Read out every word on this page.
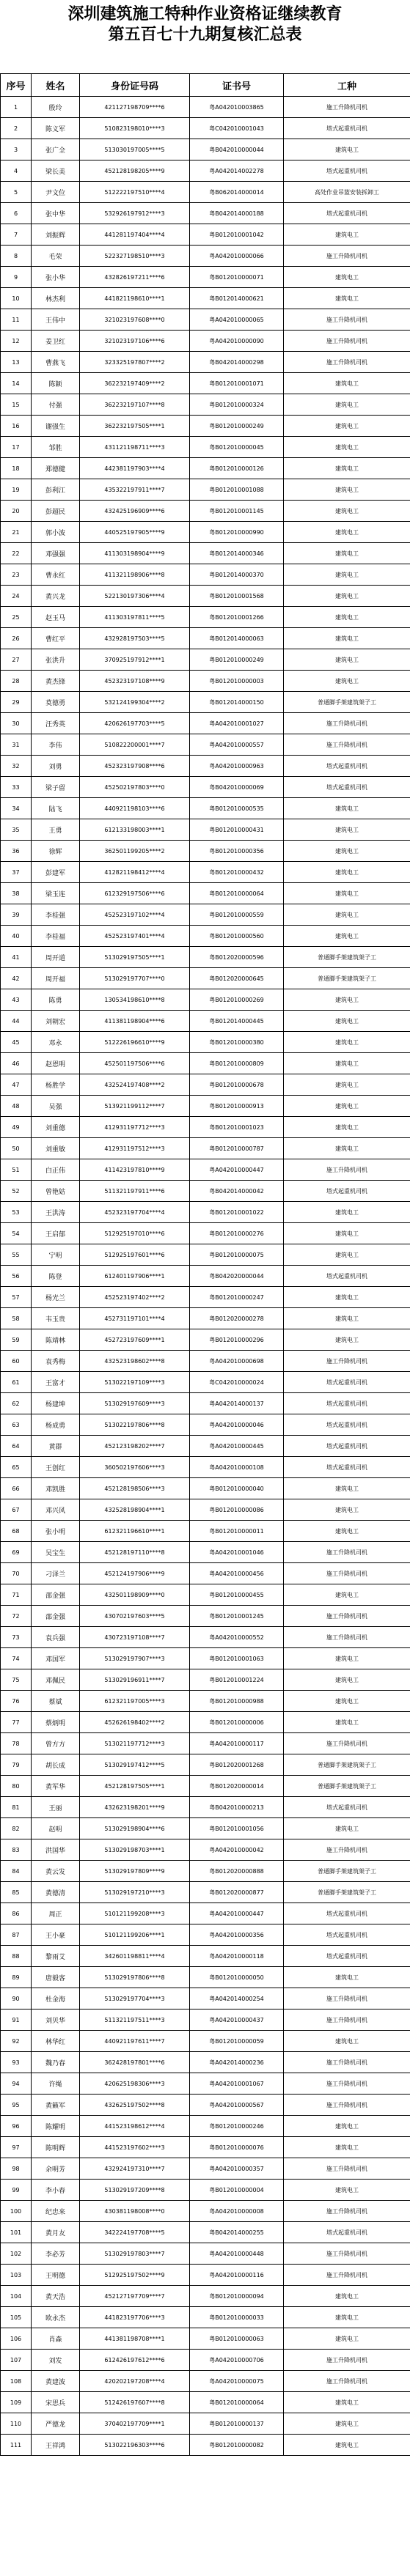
深圳建筑施工特种作业资格证继续教育
第五百七十九期复核汇总表
序号	姓名	身份证号码	证书号	工种
1	殷玲	421127198709****6	粤A042010003865	施工升降机司机
2	陈义军	510823198010****3	粤C042010001043	塔式起重机司机
3	张广全	513030197005****5	粤B042010000044	建筑电工
4	梁长美	452128198205****9	粤A042014002278	塔式起重机司机
5	尹文位	512222197510****4	粤B062014000014	高处作业吊篮安装拆卸工
6	张中华	532926197912****3	粤B042014000188	塔式起重机司机
7	刘振辉	441281197404****4	粤B012010001042	建筑电工
8	毛荣	522327198510****3	粤A042010000066	施工升降机司机
9	张小华	432826197211****6	粤B012010000071	建筑电工
10	林杰利	441821198610****1	粤B012014000621	建筑电工
11	王伟中	321023197608****0	粤A042010000065	施工升降机司机
12	姜卫红	321023197106****6	粤A042010000090	施工升降机司机
13	曹燕飞	323325197807****2	粤B042014000298	施工升降机司机
14	陈颖	362232197409****2	粤B012010001071	建筑电工
15	付强	362232197107****8	粤B012010000324	建筑电工
16	谢强生	362232197505****1	粤B012010000249	建筑电工
17	邹胜	431121198711****3	粤B012010000045	建筑电工
18	郑德健	442381197903****4	粤B012010000126	建筑电工
19	彭利江	435322197911****7	粤B012010001088	建筑电工
20	彭超民	432425196909****6	粤B012010001145	建筑电工
21	郭小波	440525197905****9	粤B012010000990	建筑电工
22	邓强强	411303198904****9	粤B012014000346	建筑电工
23	曹永红	411321198906****8	粤B012014000370	建筑电工
24	黄兴龙	522130197306****4	粤B012010001568	建筑电工
25	赵玉马	411303197811****5	粤B012010001266	建筑电工
26	曹红平	432928197503****5	粤B012014000063	建筑电工
27	张洪升	370925197912****1	粤B012010000249	建筑电工
28	黄杰锋	452323197108****9	粤B012010000003	建筑电工
29	莫德勇	532124199304****2	粤B012014000150	普通脚手架建筑架子工
30	汪秀英	420626197703****5	粤A042010001027	施工升降机司机
31	李伟	510822200001****7	粤A042010000557	施工升降机司机
32	刘勇	452323197908****6	粤A042010000963	塔式起重机司机
33	梁子留	452502197803****0	粤B042010000069	塔式起重机司机
34	陆飞	440921198103****6	粤B012010000535	建筑电工
35	王勇	612133198003****1	粤B012010000431	建筑电工
36	徐辉	362501199205****2	粤B012010000356	建筑电工
37	彭建军	412821198412****4	粤B012010000432	建筑电工
38	梁玉连	612329197506****6	粤B012010000064	建筑电工
39	李桂强	452523197102****4	粤B012010000559	建筑电工
40	李桂福	452523197401****4	粤B012010000560	建筑电工
41	周开道	513029197505****1	粤B012020000596	普通脚手架建筑架子工
42	周开福	513029197707****0	粤B012020000645	普通脚手架建筑架子工
43	陈勇	130534198610****8	粤B012010000269	建筑电工
44	刘朝宏	411381198904****6	粤B012014000445	建筑电工
45	邓永	512226196610****9	粤B012010000380	建筑电工
46	赵恩明	452501197506****6	粤B012010000809	建筑电工
47	杨胜学	432524197408****2	粤B012010000678	建筑电工
48	吴强	513921199112****7	粤B012010000913	建筑电工
49	刘重德	412931197712****3	粤B012010001023	建筑电工
50	刘重敏	412931197512****3	粤B012010000787	建筑电工
51	白正伟	411423197810****9	粤A042010000447	施工升降机司机
52	曾艳姑	511321197911****6	粤B042014000042	塔式起重机司机
53	王洪涛	452323197704****4	粤B012010001022	建筑电工
54	王启郁	512925197010****6	粤B012010000276	建筑电工
55	宁明	512925197601****6	粤B012010000075	建筑电工
56	陈登	612401197906****1	粤B042020000044	塔式起重机司机
57	杨光兰	452523197402****2	粤B012010000247	建筑电工
58	韦玉贵	452731197101****4	粤B012020000278	建筑电工
59	陈靖林	452723197609****1	粤B012010000296	建筑电工
60	袁秀梅	432523198602****8	粤A042010000698	施工升降机司机
61	王富才	513022197109****3	粤C042010000024	塔式起重机司机
62	杨建坤	513029197609****3	粤A042014000137	塔式起重机司机
63	杨成勇	513022197806****8	粤A042010000046	塔式起重机司机
64	黄群	452123198202****7	粤A042010000445	塔式起重机司机
65	王创红	360502197606****3	粤A042010000108	塔式起重机司机
66	邓凯胜	452128198506****3	粤B012010000040	建筑电工
67	邓兴风	432528198904****1	粤B012010000086	建筑电工
68	张小明	612321196610****1	粤B012010000011	建筑电工
69	吴宝生	452128197110****8	粤A042010001046	施工升降机司机
70	刁泽兰	452124197906****9	粤A042010000456	施工升降机司机
71	邵金强	432501198909****0	粤B012010000455	建筑电工
72	邵金强	430702197603****5	粤B012010001245	施工升降机司机
73	袁兵强	430723197108****7	粤A042010000552	施工升降机司机
74	邓国军	513029197907****3	粤B012010001063	建筑电工
75	邓佩民	513029196911****7	粤B012010001224	建筑电工
76	蔡斌	612321197005****3	粤B012010000988	建筑电工
77	蔡炳明	452626198402****2	粤B012010000006	建筑电工
78	曾方方	513021197712****3	粤A042010000117	施工升降机司机
79	胡长成	513029197412****5	粤B012020001268	普通脚手架建筑架子工
80	黄军华	452128197505****1	粤B012020000014	普通脚手架建筑架子工
81	王丽	432623198201****9	粤B042010000213	塔式起重机司机
82	赵明	513029198904****6	粤B012010001056	建筑电工
83	洪国华	513029198703****1	粤A042010000042	施工升降机司机
84	黄云发	513029197809****9	粤B012020000888	普通脚手架建筑架子工
85	黄德清	513029197210****3	粤B012020000877	普通脚手架建筑架子工
86	周正	510121199208****3	粤A042010000447	塔式起重机司机
87	王小豪	510121199206****1	粤A042010000356	塔式起重机司机
88	黎雨艾	342601198811****4	粤A042010000118	塔式起重机司机
89	唐毅客	513029197806****8	粤B012010000050	建筑电工
90	杜金海	513029197704****3	粤A042014000254	施工升降机司机
91	刘贝华	511321197511****3	粤A042010000437	施工升降机司机
92	林华红	440921197611****7	粤B012010000059	建筑电工
93	魏乃春	362428197801****6	粤A042014000236	施工升降机司机
94	许绳	420625198306****3	粤A042010001067	施工升降机司机
95	黄籁军	432625197502****8	粤A042010000567	施工升降机司机
96	陈耀明	441523198612****4	粤B012010000246	建筑电工
97	陈明辉	441523197602****3	粤B012010000076	建筑电工
98	余明芳	432924197310****7	粤A042010000357	施工升降机司机
99	李小春	513029197209****8	粤B012010000004	建筑电工
100	纪忠来	430381198008****0	粤A042010000008	施工升降机司机
101	黄月友	342224197708****5	粤B042014000255	塔式起重机司机
102	李必芳	513029197803****7	粤A042010000448	施工升降机司机
103	王明德	512925197502****9	粤A042010000116	施工升降机司机
104	黄天浩	452127197709****7	粤B012010000094	建筑电工
105	欧永杰	441823197706****3	粤B012010000033	建筑电工
106	肖森	441381198708****1	粤B012010000063	建筑电工
107	刘发	612426197612****6	粤A042010000706	施工升降机司机
108	黄建波	420202197208****4	粤A042010000075	施工升降机司机
109	宋思兵	512426197607****8	粤B012010000064	建筑电工
110	严德龙	370402197709****1	粤B012010000137	建筑电工
111	王祥鸿	513022196303****6	粤B012010000082	建筑电工
